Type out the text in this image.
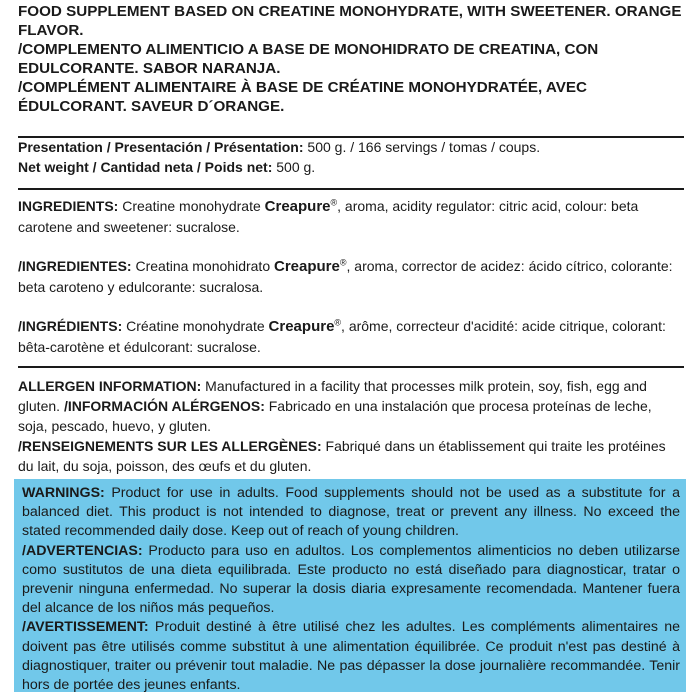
FOOD SUPPLEMENT BASED ON CREATINE MONOHYDRATE, WITH SWEETENER. ORANGE FLAVOR.
/COMPLEMENTO ALIMENTICIO A BASE DE MONOHIDRATO DE CREATINA, CON EDULCORANTE. SABOR NARANJA.
/COMPLÉMENT ALIMENTAIRE À BASE DE CRÉATINE MONOHYDRATÉE, AVEC ÉDULCORANT. SAVEUR D´ORANGE.
Presentation / Presentación / Présentation: 500 g. / 166 servings / tomas / coups.
Net weight / Cantidad neta / Poids net: 500 g.
INGREDIENTS: Creatine monohydrate Creapure®, aroma, acidity regulator: citric acid, colour: beta carotene and sweetener: sucralose.
/INGREDIENTES: Creatina monohidrato Creapure®, aroma, corrector de acidez: ácido cítrico, colorante: beta caroteno y edulcorante: sucralosa.
/INGRÉDIENTS: Créatine monohydrate Creapure®, arôme, correcteur d'acidité: acide citrique, colorant: bêta-carotène et édulcorant: sucralose.
ALLERGEN INFORMATION: Manufactured in a facility that processes milk protein, soy, fish, egg and gluten. /INFORMACIÓN ALÉRGENOS: Fabricado en una instalación que procesa proteínas de leche, soja, pescado, huevo, y gluten.
/RENSEIGNEMENTS SUR LES ALLERGÈNES: Fabriqué dans un établissement qui traite les protéines du lait, du soja, poisson, des œufs et du gluten.

WARNINGS: Product for use in adults. Food supplements should not be used as a substitute for a balanced diet. This product is not intended to diagnose, treat or prevent any illness. No exceed the stated recommended daily dose. Keep out of reach of young children.

/ADVERTENCIAS: Producto para uso en adultos. Los complementos alimenticios no deben utilizarse como sustitutos de una dieta equilibrada. Este producto no está diseñado para diagnosticar, tratar o prevenir ninguna enfermedad. No superar la dosis diaria expresamente recomendada. Mantener fuera del alcance de los niños más pequeños.

/AVERTISSEMENT: Produit destiné à être utilisé chez les adultes. Les compléments alimentaires ne doivent pas être utilisés comme substitut à une alimentation équilibrée. Ce produit n'est pas destiné à diagnostiquer, traiter ou prévenir tout maladie. Ne pas dépasser la dose journalière recommandée. Tenir hors de portée des jeunes enfants.
